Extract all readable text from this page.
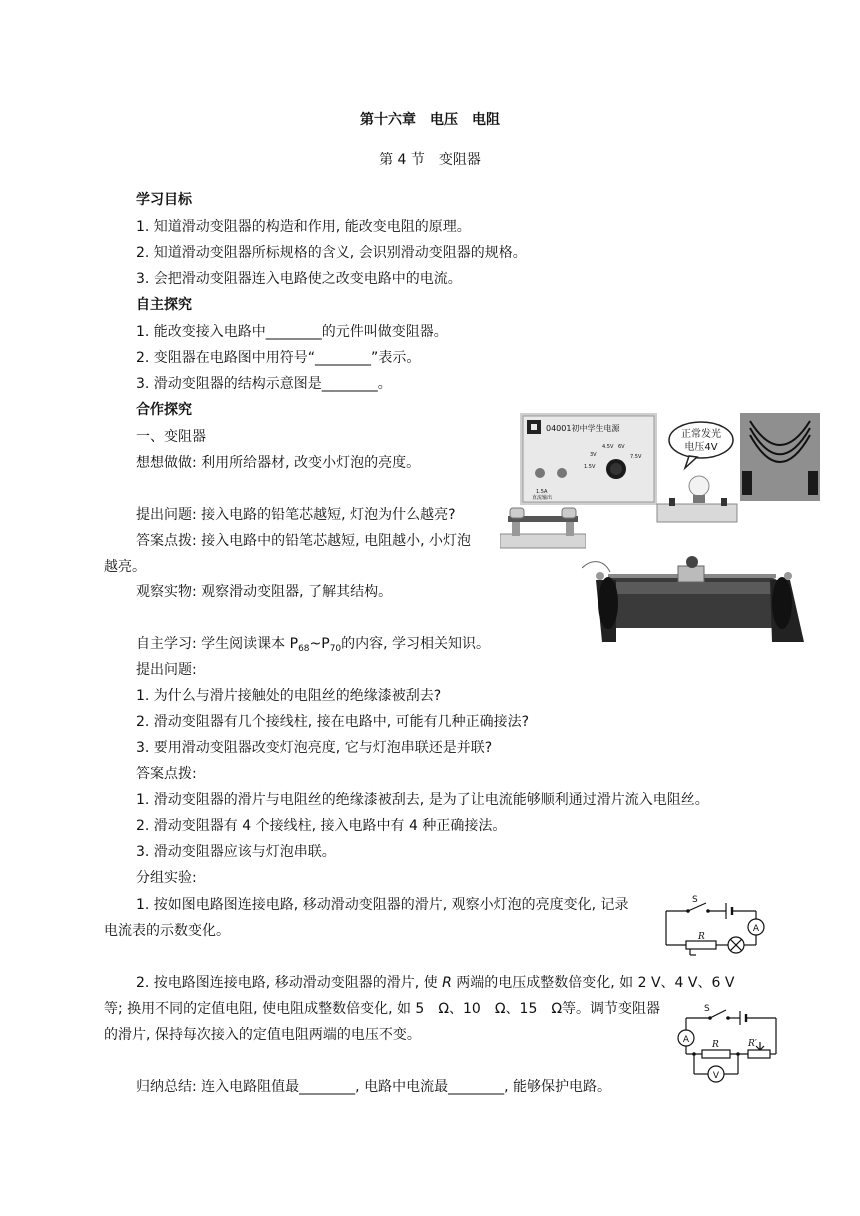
第十六章　电压　电阻
第 4 节　变阻器
学习目标
1. 知道滑动变阻器的构造和作用, 能改变电阻的原理。
2. 知道滑动变阻器所标规格的含义, 会识别滑动变阻器的规格。
3. 会把滑动变阻器连入电路使之改变电路中的电流。
自主探究
1. 能改变接入电路中________的元件叫做变阻器。
2. 变阻器在电路图中用符号“________”表示。
3. 滑动变阻器的结构示意图是________。
合作探究
一、变阻器
想想做做: 利用所给器材, 改变小灯泡的亮度。
提出问题: 接入电路的铅笔芯越短, 灯泡为什么越亮?
答案点拨: 接入电路中的铅笔芯越短, 电阻越小, 小灯泡
越亮。
观察实物: 观察滑动变阻器, 了解其结构。
自主学习: 学生阅读课本 $P_{68}\sim P_{70}$的内容, 学习相关知识。
提出问题:
1. 为什么与滑片接触处的电阻丝的绝缘漆被刮去?
2. 滑动变阻器有几个接线柱, 接在电路中, 可能有几种正确接法?
3. 要用滑动变阻器改变灯泡亮度, 它与灯泡串联还是并联?
答案点拨:
1. 滑动变阻器的滑片与电阻丝的绝缘漆被刮去, 是为了让电流能够顺利通过滑片流入电阻丝。
2. 滑动变阻器有 4 个接线柱, 接入电路中有 4 种正确接法。
3. 滑动变阻器应该与灯泡串联。
分组实验:
1. 按如图电路图连接电路, 移动滑动变阻器的滑片, 观察小灯泡的亮度变化, 记录
电流表的示数变化。
2. 按电路图连接电路, 移动滑动变阻器的滑片, 使 R 两端的电压成整数倍变化, 如 2 V、4 V、6 V
等; 换用不同的定值电阻, 使电阻成整数倍变化, 如 5　Ω、10　Ω、15　Ω等。调节变阻器
的滑片, 保持每次接入的定值电阻两端的电压不变。
归纳总结: 连入电路阻值最________, 电路中电流最________, 能够保护电路。
04001初中学生电源
4.5V 6V
3V	7.5V
1.5V
1.5A
直流输出
正常发光
电压4V
S
R
A
S
A	R	R′
V
